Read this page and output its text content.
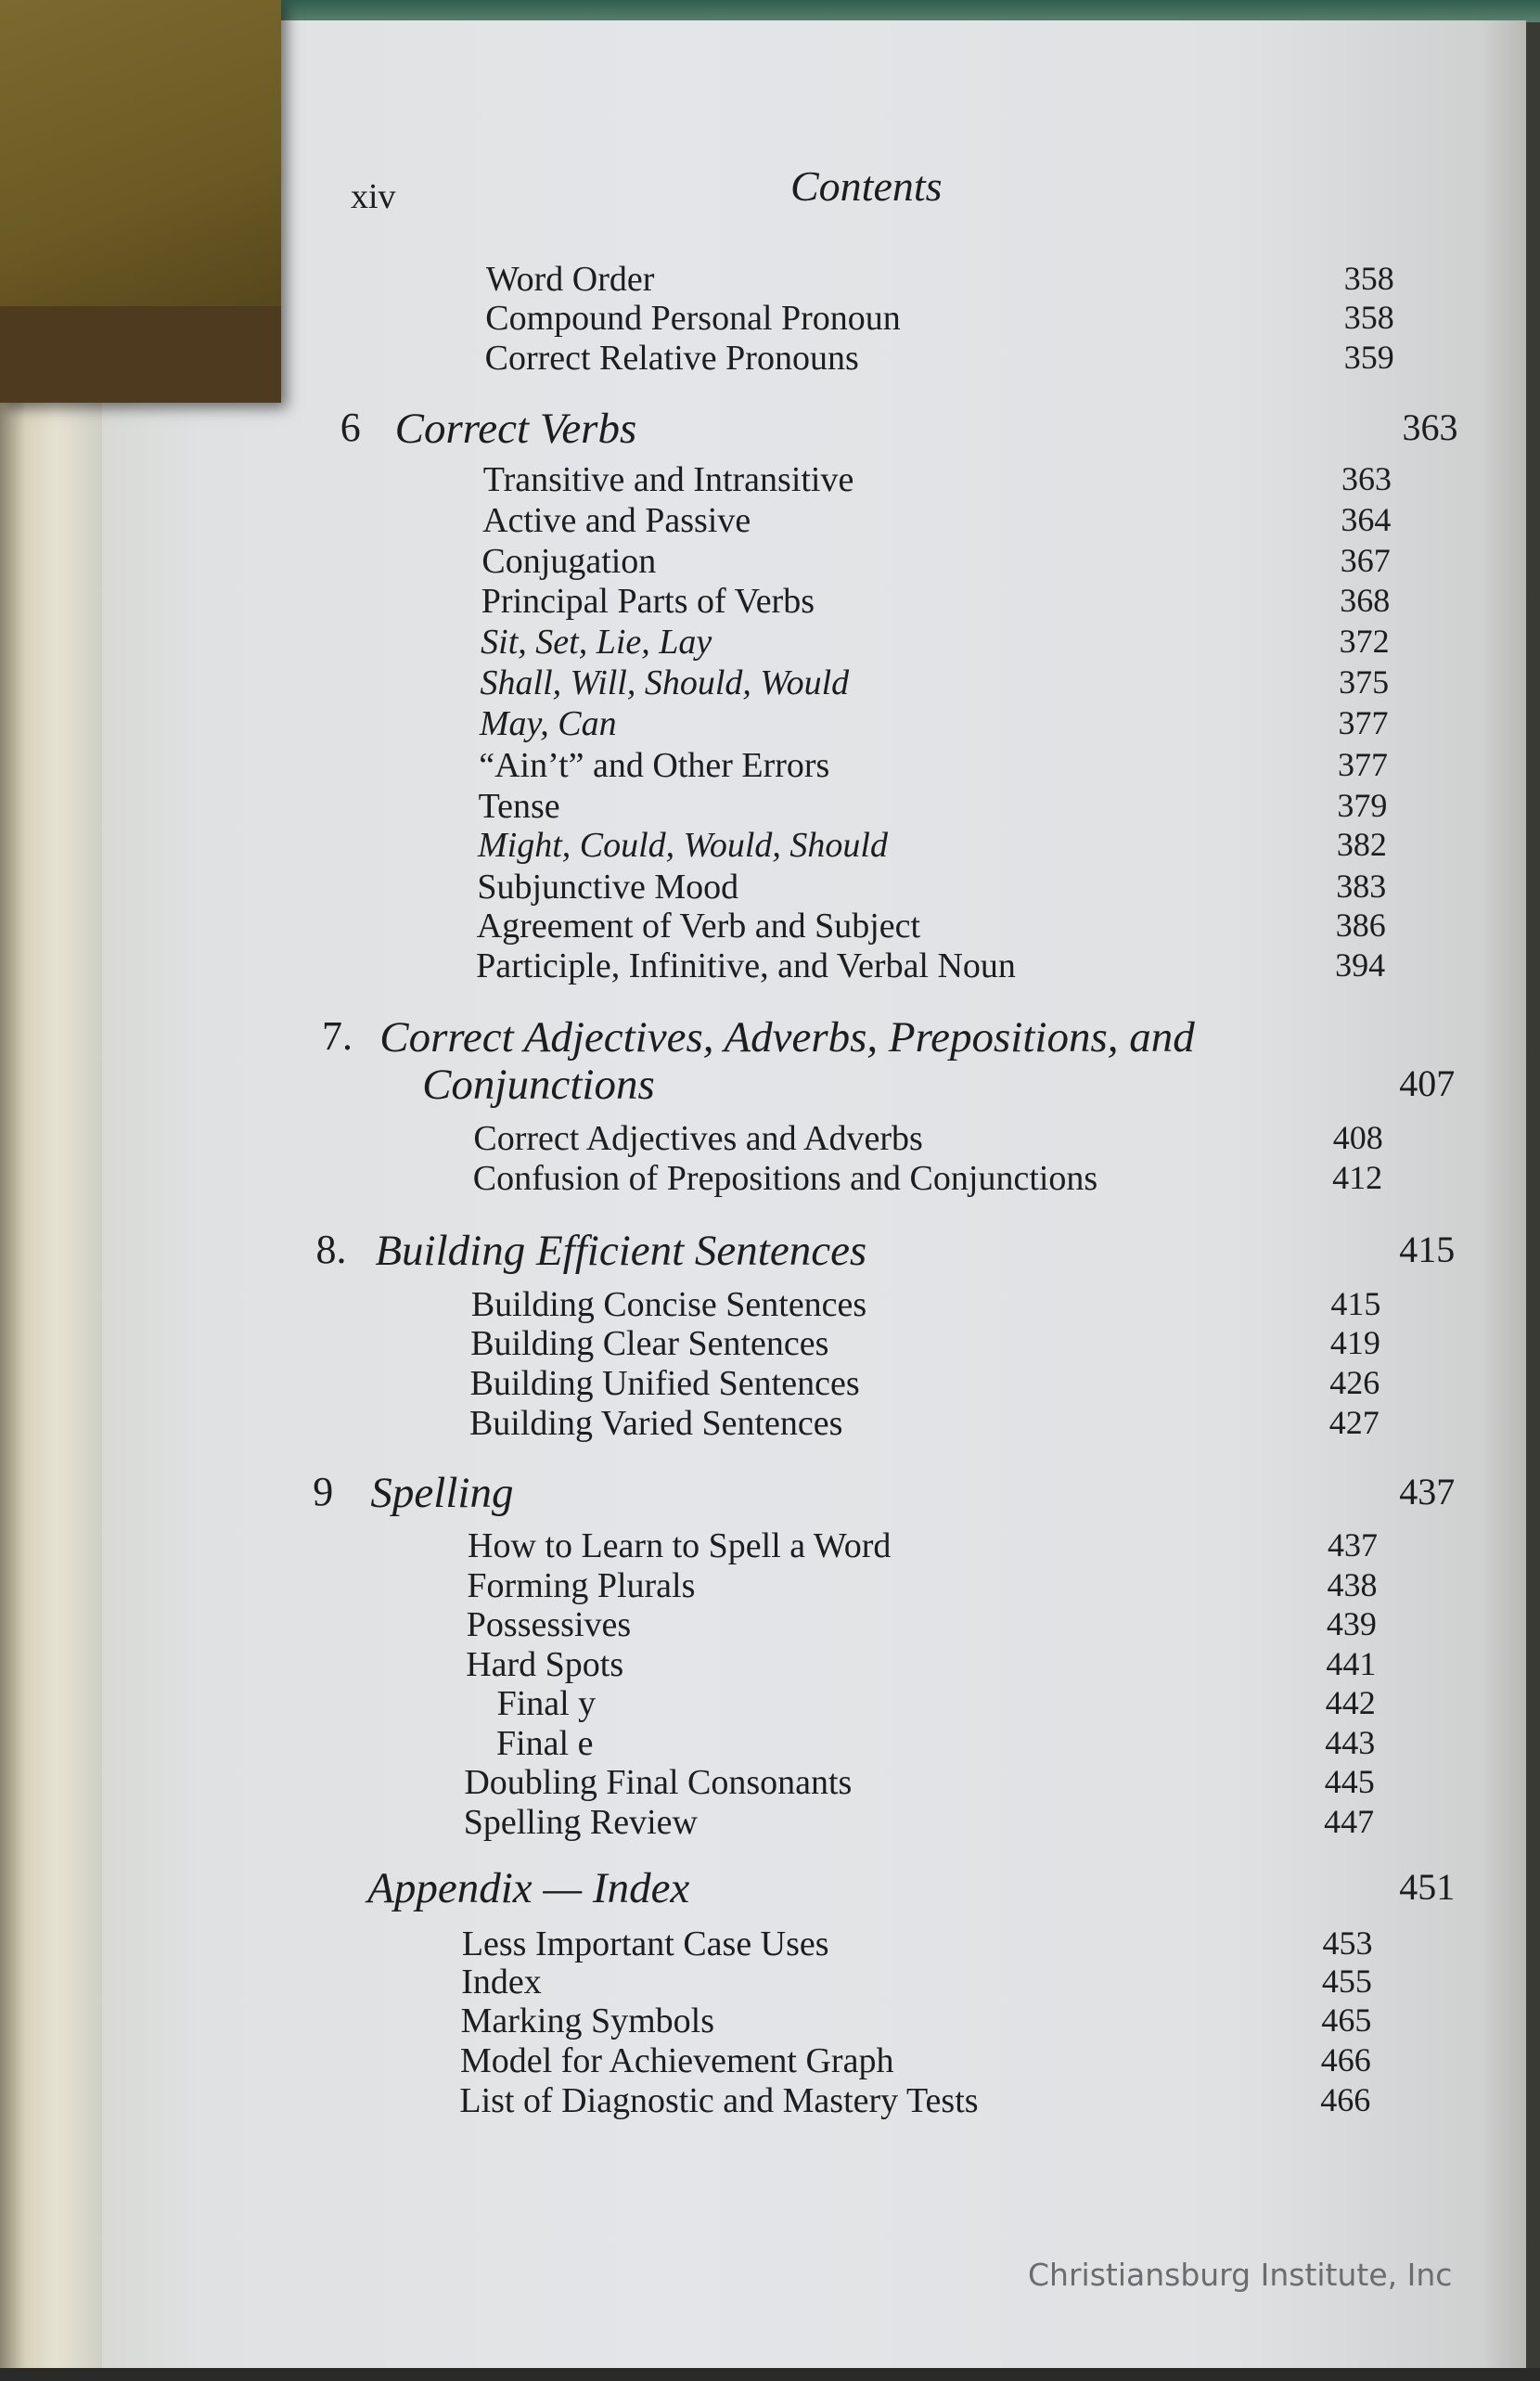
xiv	Contents
Word Order	358
Compound Personal Pronoun	358
Correct Relative Pronouns	359
6 Correct Verbs	363
Transitive and Intransitive	363
Active and Passive	364
Conjugation	367
Principal Parts of Verbs	368
Sit, Set, Lie, Lay	372
Shall, Will, Should, Would	375
May, Can	377
“Ain’t” and Other Errors	377
Tense	379
Might, Could, Would, Should	382
Subjunctive Mood	383
Agreement of Verb and Subject	386
Participle, Infinitive, and Verbal Noun	394
7. Correct Adjectives, Adverbs, Prepositions, and
Conjunctions	407
Correct Adjectives and Adverbs	408
Confusion of Prepositions and Conjunctions	412
8. Building Efficient Sentences	415
Building Concise Sentences	415
Building Clear Sentences	419
Building Unified Sentences	426
Building Varied Sentences	427
9 Spelling	437
How to Learn to Spell a Word	437
Forming Plurals	438
Possessives	439
Hard Spots	441
Final y	442
Final e	443
Doubling Final Consonants	445
Spelling Review	447
Appendix — Index	451
Less Important Case Uses	453
Index	455
Marking Symbols	465
Model for Achievement Graph	466
List of Diagnostic and Mastery Tests	466
Christiansburg Institute, Inc
